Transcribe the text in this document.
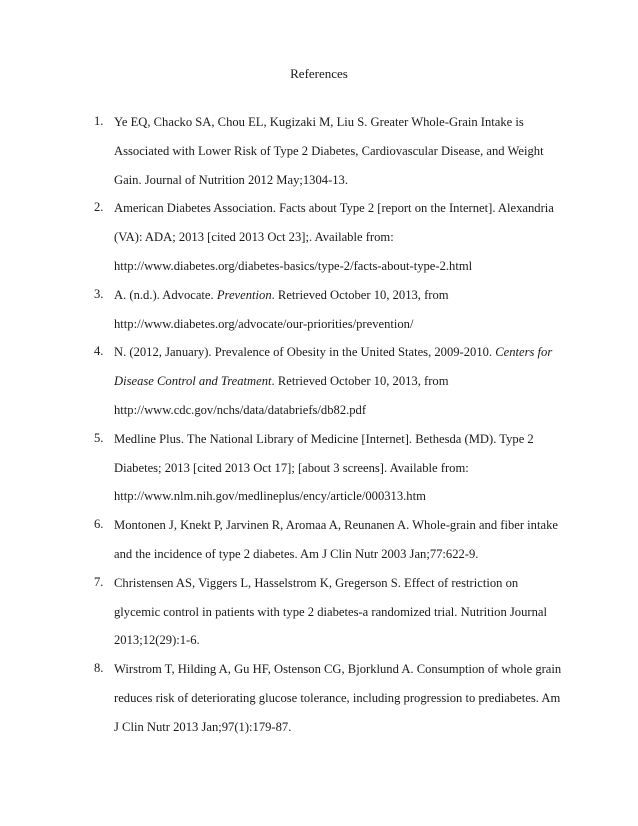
References
1. Ye EQ, Chacko SA, Chou EL, Kugizaki M, Liu S. Greater Whole-Grain Intake is
Associated with Lower Risk of Type 2 Diabetes, Cardiovascular Disease, and Weight
Gain. Journal of Nutrition 2012 May;1304-13.
2. American Diabetes Association. Facts about Type 2 [report on the Internet]. Alexandria
(VA): ADA; 2013 [cited 2013 Oct 23];. Available from:
http://www.diabetes.org/diabetes-basics/type-2/facts-about-type-2.html
3. A. (n.d.). Advocate. Prevention. Retrieved October 10, 2013, from
http://www.diabetes.org/advocate/our-priorities/prevention/
4. N. (2012, January). Prevalence of Obesity in the United States, 2009-2010. Centers for
Disease Control and Treatment. Retrieved October 10, 2013, from
http://www.cdc.gov/nchs/data/databriefs/db82.pdf
5. Medline Plus. The National Library of Medicine [Internet]. Bethesda (MD). Type 2
Diabetes; 2013 [cited 2013 Oct 17]; [about 3 screens]. Available from:
http://www.nlm.nih.gov/medlineplus/ency/article/000313.htm
6. Montonen J, Knekt P, Jarvinen R, Aromaa A, Reunanen A. Whole-grain and fiber intake
and the incidence of type 2 diabetes. Am J Clin Nutr 2003 Jan;77:622-9.
7. Christensen AS, Viggers L, Hasselstrom K, Gregerson S. Effect of restriction on
glycemic control in patients with type 2 diabetes-a randomized trial. Nutrition Journal
2013;12(29):1-6.
8. Wirstrom T, Hilding A, Gu HF, Ostenson CG, Bjorklund A. Consumption of whole grain
reduces risk of deteriorating glucose tolerance, including progression to prediabetes. Am
J Clin Nutr 2013 Jan;97(1):179-87.
